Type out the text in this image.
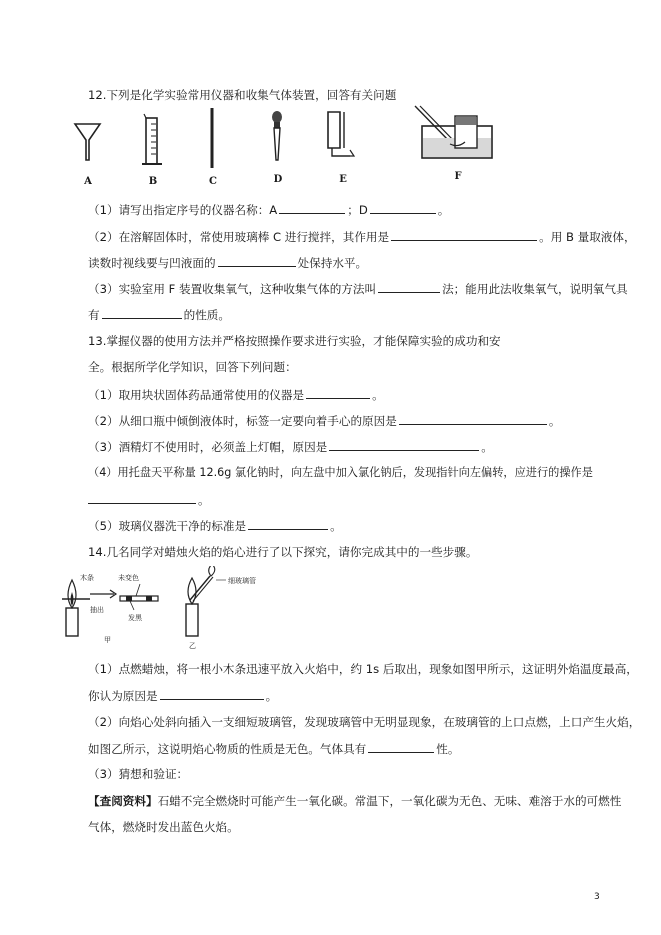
12.下列是化学实验常用仪器和收集气体装置，回答有关问题
A	B	C	D	E	F
（1）请写出指定序号的仪器名称：A	；D	。
（2）在溶解固体时，常使用玻璃棒 C 进行搅拌，其作用是	。用 B 量取液体，
读数时视线要与凹液面的	处保持水平。
（3）实验室用 F 装置收集氧气，这种收集气体的方法叫	法；能用此法收集氧气，说明氧气具
有	的性质。
13.掌握仪器的使用方法并严格按照操作要求进行实验，才能保障实验的成功和安
全。根据所学化学知识，回答下列问题：
（1）取用块状固体药品通常使用的仪器是	。
（2）从细口瓶中倾倒液体时，标签一定要向着手心的原因是	。
（3）酒精灯不使用时，必须盖上灯帽，原因是	。
（4）用托盘天平称量 12.6g 氯化钠时，向左盘中加入氯化钠后，发现指针向左偏转，应进行的操作是
。
（5）玻璃仪器洗干净的标准是	。
14.几名同学对蜡烛火焰的焰心进行了以下探究，请你完成其中的一些步骤。
木条	未变色
抽出
发黑
甲
细玻璃管
乙
（1）点燃蜡烛，将一根小木条迅速平放入火焰中，约 1s 后取出，现象如图甲所示，这证明外焰温度最高，
你认为原因是	。
（2）向焰心处斜向插入一支细短玻璃管，发现玻璃管中无明显现象，在玻璃管的上口点燃，上口产生火焰，
如图乙所示，这说明焰心物质的性质是无色。气体具有	性。
（3）猜想和验证：
【查阅资料】石蜡不完全燃烧时可能产生一氧化碳。常温下，一氧化碳为无色、无味、难溶于水的可燃性
气体，燃烧时发出蓝色火焰。
3
